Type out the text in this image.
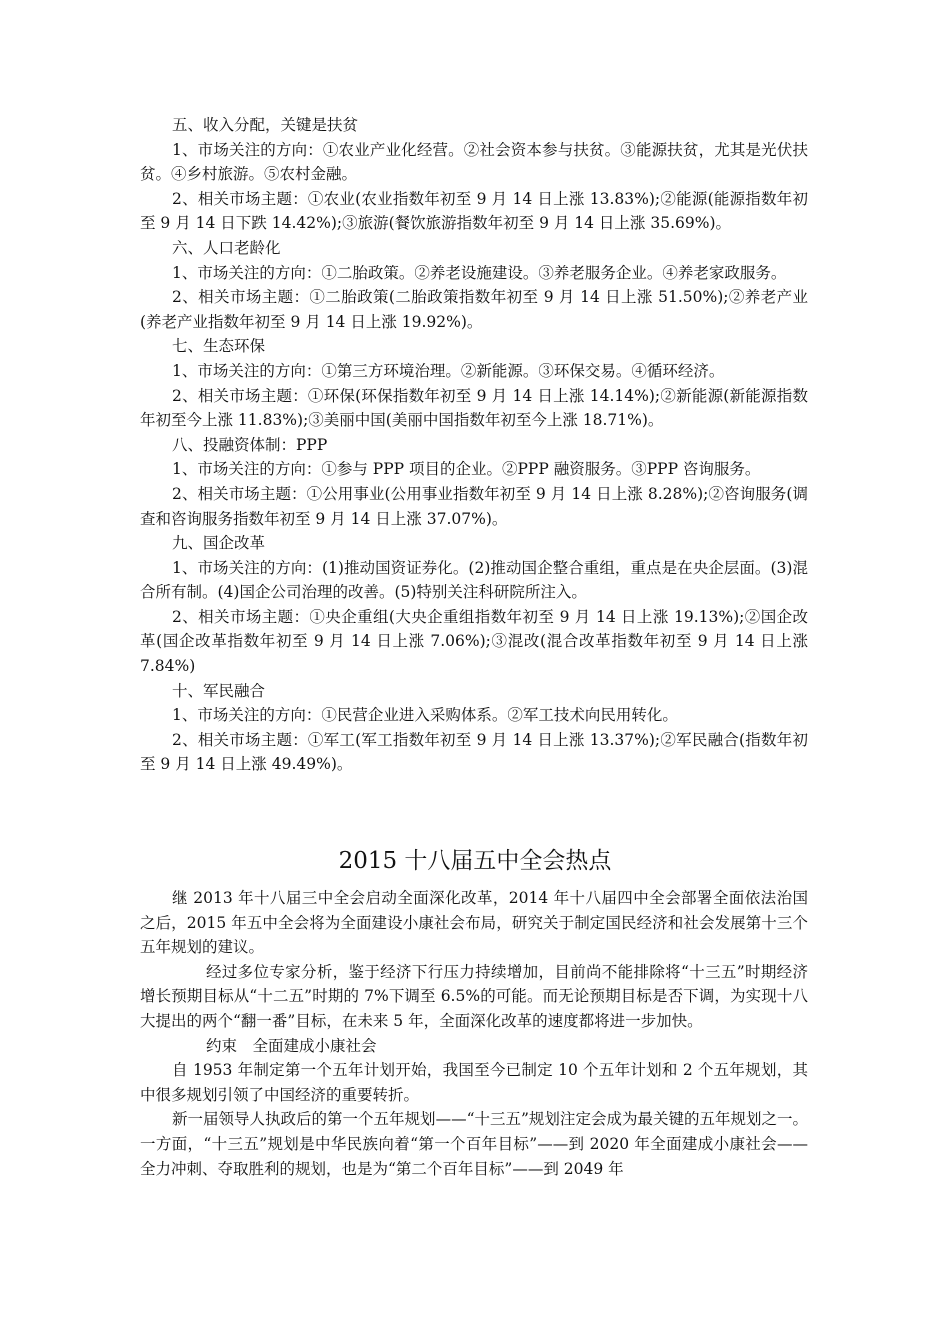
五、收入分配，关键是扶贫

1、市场关注的方向：①农业产业化经营。②社会资本参与扶贫。③能源扶贫，尤其是光伏扶贫。④乡村旅游。⑤农村金融。

2、相关市场主题：①农业(农业指数年初至 9 月 14 日上涨 13.83%);②能源(能源指数年初至 9 月 14 日下跌 14.42%);③旅游(餐饮旅游指数年初至 9 月 14 日上涨 35.69%)。

六、人口老龄化

1、市场关注的方向：①二胎政策。②养老设施建设。③养老服务企业。④养老家政服务。

2、相关市场主题：①二胎政策(二胎政策指数年初至 9 月 14 日上涨 51.50%);②养老产业(养老产业指数年初至 9 月 14 日上涨 19.92%)。

七、生态环保

1、市场关注的方向：①第三方环境治理。②新能源。③环保交易。④循环经济。

2、相关市场主题：①环保(环保指数年初至 9 月 14 日上涨 14.14%);②新能源(新能源指数年初至今上涨 11.83%);③美丽中国(美丽中国指数年初至今上涨 18.71%)。

八、投融资体制：PPP

1、市场关注的方向：①参与 PPP 项目的企业。②PPP 融资服务。③PPP 咨询服务。

2、相关市场主题：①公用事业(公用事业指数年初至 9 月 14 日上涨 8.28%);②咨询服务(调查和咨询服务指数年初至 9 月 14 日上涨 37.07%)。

九、国企改革

1、市场关注的方向：(1)推动国资证券化。(2)推动国企整合重组，重点是在央企层面。(3)混合所有制。(4)国企公司治理的改善。(5)特别关注科研院所注入。

2、相关市场主题：①央企重组(大央企重组指数年初至 9 月 14 日上涨 19.13%);②国企改革(国企改革指数年初至 9 月 14 日上涨 7.06%);③混改(混合改革指数年初至 9 月 14 日上涨 7.84%)

十、军民融合

1、市场关注的方向：①民营企业进入采购体系。②军工技术向民用转化。

2、相关市场主题：①军工(军工指数年初至 9 月 14 日上涨 13.37%);②军民融合(指数年初至 9 月 14 日上涨 49.49%)。

2015 十八届五中全会热点

继 2013 年十八届三中全会启动全面深化改革，2014 年十八届四中全会部署全面依法治国之后，2015 年五中全会将为全面建设小康社会布局，研究关于制定国民经济和社会发展第十三个五年规划的建议。

经过多位专家分析，鉴于经济下行压力持续增加，目前尚不能排除将“十三五”时期经济增长预期目标从“十二五”时期的 7%下调至 6.5%的可能。而无论预期目标是否下调，为实现十八大提出的两个“翻一番”目标，在未来 5 年，全面深化改革的速度都将进一步加快。

约束　全面建成小康社会

自 1953 年制定第一个五年计划开始，我国至今已制定 10 个五年计划和 2 个五年规划，其中很多规划引领了中国经济的重要转折。

新一届领导人执政后的第一个五年规划——“十三五”规划注定会成为最关键的五年规划之一。一方面，“十三五”规划是中华民族向着“第一个百年目标”——到 2020 年全面建成小康社会——全力冲刺、夺取胜利的规划，也是为“第二个百年目标”——到 2049 年
